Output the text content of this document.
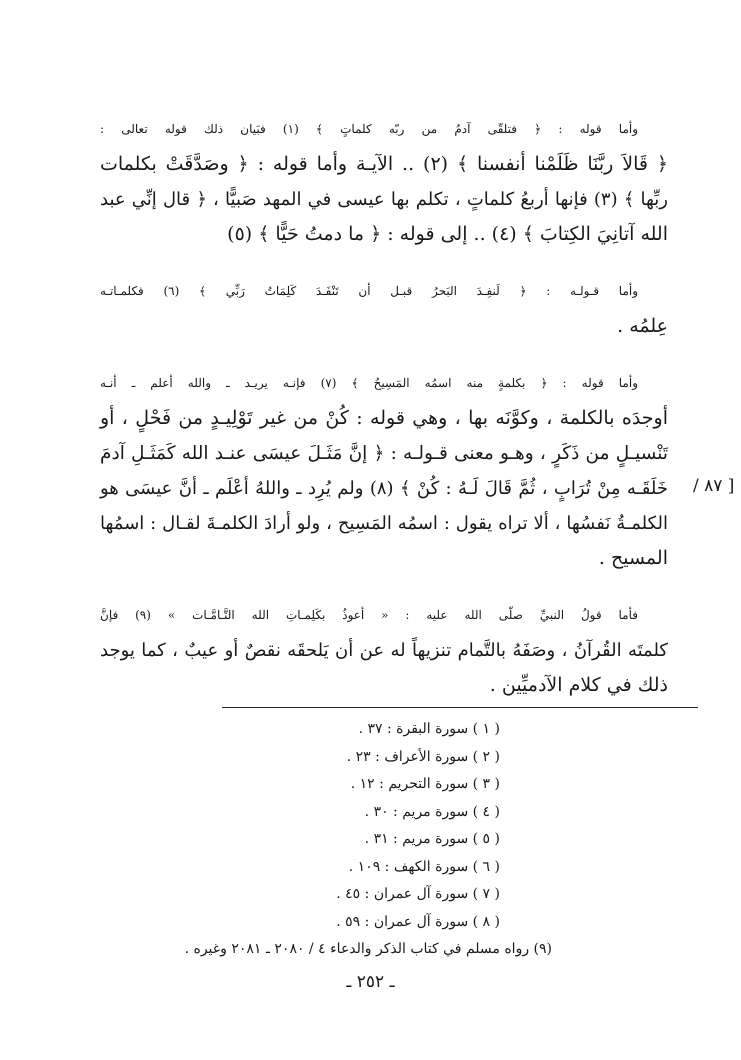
وأما قوله : ﴿ فتلقّى آدمُ من ربّه كلماتٍ ﴾ (١) فبَيان ذلك قوله تعالى :
﴿ قَالاَ ربَّنَا ظَلَمْنا أنفسنا ﴾ (٢) .. الآيـة وأما قوله : ﴿ وصَدَّقَتْ بكلمات
ربِّها ﴾ (٣) فإنها أربعُ كلماتٍ ، تكلم بها عيسى في المهد صَبيًّا ، ﴿ قال إنِّي عبد
الله آتانِيَ الكِتابَ ﴾ (٤) .. إلى قوله : ﴿ ما دمتُ حَيًّا ﴾ (٥)

وأما قـولـه : ﴿ لَنفِـدَ البَحرُ قبـل أن تَنْفَـدَ كَلِمَاتُ رَبِّي ﴾ (٦) فكلمـاتـه
عِلمُه .

وأما قوله : ﴿ بكلمةٍ منه اسمُه المَسِيحُ ﴾ (٧) فإنـه يريـد ـ والله أعلم ـ أنـه
أوجدَه بالكلمة ، وكوَّنَه بها ، وهي قوله : كُنْ من غير تَوْلِيـدٍ من فَحْلٍ ، أو
تَنْسيـلٍ من ذَكَرٍ ، وهـو معنى قـولـه : ﴿ إنَّ مَثَـلَ عيسَى عنـد الله كَمَثَـلِ آدمَ
خَلَقَـه مِنْ تُرَابٍ ، ثُمَّ قَالَ لَـهُ : كُنْ ﴾ (٨) ولم يُرِد ـ واللهُ أعْلَم ـ أنَّ عيسَى هو
الكلمـةُ نَفسُها ، ألا تراه يقول : اسمُه المَسِيح ، ولو أرادَ الكلمـةَ لقـال : اسمُها
المسيح .

فأما قولُ النبيِّ صلّى الله عليه : « أعوذُ بكَلِمـاتِ الله التَّـامَّـات » (٩) فإنَّ
كلمتَه القُرآنُ ، وصَفَهُ بالتَّمام تنزيهاً له عن أن يَلحقَه نقصٌ أو عيبٌ ، كما يوجد
ذلك في كلام الآدميِّين .

[ ٨٧ /
( ١ ) سورة البقرة : ٣٧ .
( ٢ ) سورة الأعراف : ٢٣ .
( ٣ ) سورة التحريم : ١٢ .
( ٤ ) سورة مريم : ٣٠ .
( ٥ ) سورة مريم : ٣١ .
( ٦ ) سورة الكهف : ١٠٩ .
( ٧ ) سورة آل عمران : ٤٥ .
( ٨ ) سورة آل عمران : ٥٩ .
(٩) رواه مسلم في كتاب الذكر والدعاء ٤ / ٢٠٨٠ ـ ٢٠٨١ وغيره .
ـ ٢٥٢ ـ
